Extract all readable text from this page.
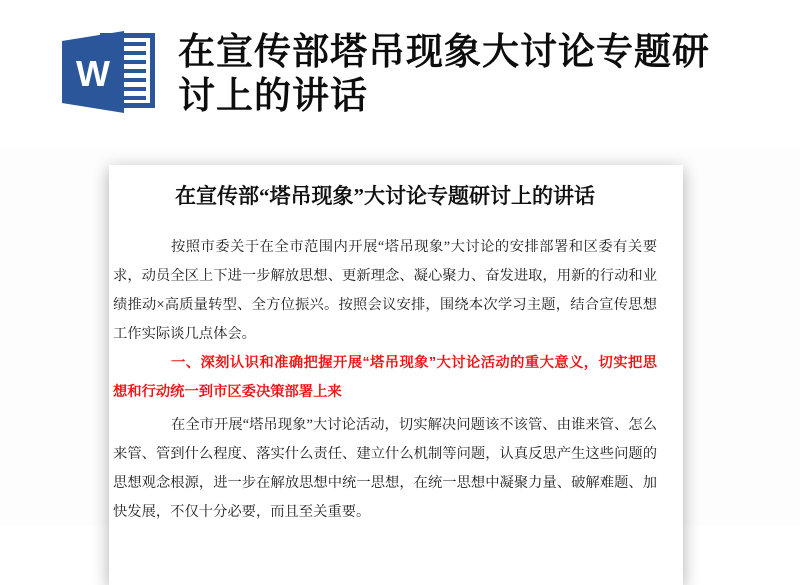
W
在宣传部塔吊现象大讨论专题研
讨上的讲话
在宣传部“塔吊现象”大讨论专题研讨上的讲话

按照市委关于在全市范围内开展“塔吊现象”大讨论的安排部署和区委有关要求，动员全区上下进一步解放思想、更新理念、凝心聚力、奋发进取，用新的行动和业绩推动×高质量转型、全方位振兴。按照会议安排，围绕本次学习主题，结合宣传思想工作实际谈几点体会。

一、深刻认识和准确把握开展“塔吊现象”大讨论活动的重大意义，切实把思想和行动统一到市区委决策部署上来

在全市开展“塔吊现象”大讨论活动，切实解决问题该不该管、由谁来管、怎么来管、管到什么程度、落实什么责任、建立什么机制等问题，认真反思产生这些问题的思想观念根源，进一步在解放思想中统一思想，在统一思想中凝聚力量、破解难题、加快发展，不仅十分必要，而且至关重要。
